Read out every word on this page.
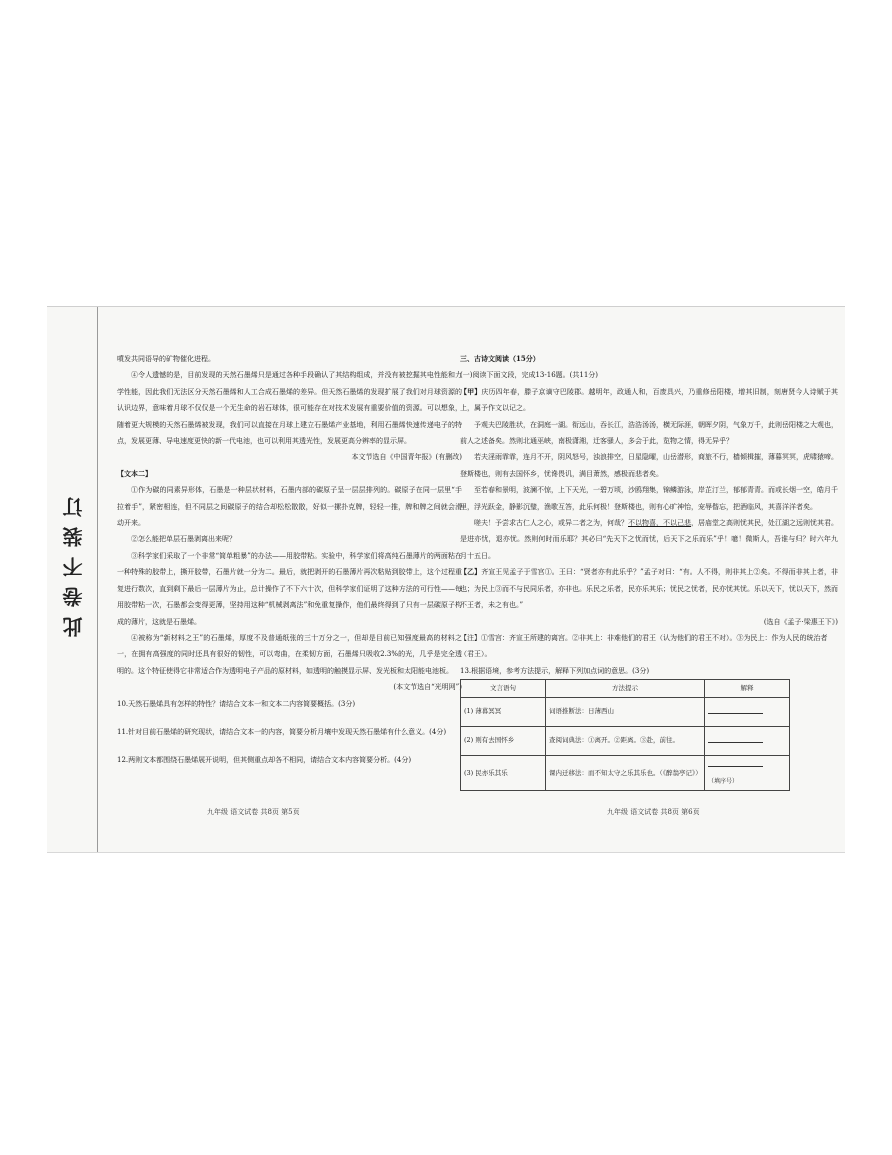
此卷不装订

噴发共同语导的矿物催化进程。

④令人遗憾的是，目前发现的天然石墨烯只是通过各种手段确认了其结构组成，并没有被挖掘其电性能和力学性能，因此我们无法区分天然石墨烯和人工合成石墨烯的差异。但天然石墨烯的发现扩展了我们对月球资源的认识边界，意味着月球不仅仅是一个无生命的岩石球体，很可能存在对技术发展有重要价值的资源。可以想象，随着更大规模的天然石墨烯被发现，我们可以直接在月球上建立石墨烯产业基地，利用石墨烯快速传递电子的特点，发展更薄、导电速度更快的新一代电池，也可以利用其透光性，发展更高分辨率的显示屏。

本文节选自《中国青年报》(有删改)

【文本二】

①作为碳的同素异形体，石墨是一种层状材料，石墨内部的碳原子呈一层层排列的。碳原子在同一层里“手拉着手”，紧密相连，但不同层之间碳原子的结合却松松散散，好似一摞扑克牌，轻轻一推，牌和牌之间就会滑动开来。

②怎么能把单层石墨剥离出来呢？

③科学家们采取了一个非常“简单粗暴”的办法——用胶带粘。实验中，科学家们将高纯石墨薄片的两面粘在一种特殊的胶带上，撕开胶带，石墨片就一分为二。最后，就把剥开的石墨薄片再次粘贴到胶带上，这个过程重复进行数次，直到剩下最后一层薄片为止，总计操作了不下六十次，但科学家们证明了这种方法的可行性——每用胶带粘一次，石墨都会变得更薄，坚持用这种“机械剥离法”和免重复操作，他们最终得到了只有一层碳原子构成的薄片，这就是石墨烯。

④被称为“新材料之王”的石墨烯，厚度不及普通纸张的三十万分之一，但却是目前已知强度最高的材料之一，在拥有高强度的同时还具有很好的韧性，可以弯曲，在柔韧方面，石墨烯只吸收2.3%的光，几乎是完全透明的。这个特征使得它非常适合作为透明电子产品的原材料，如透明的触摸显示屏、发光板和太阳能电池板。

(本文节选自“光明网”)

10.天然石墨烯具有怎样的特性？请结合文本一和文本二内容简要概括。(3分)

11.针对目前石墨烯的研究现状，请结合文本一的内容，简要分析月壤中发现天然石墨烯有什么意义。(4分)

12.两则文本都围绕石墨烯展开说明，但其侧重点却各不相同，请结合文本内容简要分析。(4分)

九年级 语文试卷 共8页 第5页

三、古诗文阅读（15分）

(一)阅读下面文段，完成13-16题。(共11分)

【甲】庆历四年春，滕子京谪守巴陵郡。越明年，政通人和，百废具兴，乃重修岳阳楼，增其旧制，刻唐贤今人诗赋于其上，属予作文以记之。

予观夫巴陵胜状，在洞庭一湖。衔远山，吞长江，浩浩汤汤，横无际涯，朝晖夕阴，气象万千，此则岳阳楼之大观也，前人之述备矣。然则北通巫峡，南极潇湘，迁客骚人，多会于此，览物之情，得无异乎？

若夫淫雨霏霏，连月不开，阴风怒号，浊浪排空，日星隐曜，山岳潜形，商旅不行，樯倾楫摧，薄暮冥冥，虎啸猿啼。登斯楼也，则有去国怀乡，忧谗畏讥，满目萧然，感极而悲者矣。

至若春和景明，波澜不惊，上下天光，一碧万顷，沙鸥翔集，锦鳞游泳，岸芷汀兰，郁郁青青。而或长烟一空，皓月千里，浮光跃金，静影沉璧，渔歌互答，此乐何极！登斯楼也，则有心旷神怡，宠辱偕忘，把酒临风，其喜洋洋者矣。

嗟夫！予尝求古仁人之心，或异二者之为，何哉？不以物喜，不以己悲，居庙堂之高则忧其民，处江湖之远则忧其君。是进亦忧，退亦忧。然则何时而乐耶？其必曰“先天下之忧而忧，后天下之乐而乐”乎！噫！微斯人，吾谁与归？时六年九月十五日。

【乙】齐宣王见孟子于雪宫①。王曰：“贤者亦有此乐乎？”孟子对曰：“有。人不得，则非其上②矣。不得而非其上者，非也；为民上③而不与民同乐者，亦非也。乐民之乐者，民亦乐其乐；忧民之忧者，民亦忧其忧。乐以天下，忧以天下，然而不王者，未之有也。”

(选自《孟子·梁惠王下》)

【注】①雪宫：齐宣王所建的离宫。②非其上：非难他们的君王（认为他们的君王不对）。③为民上：作为人民的统治者（君王）。

13.根据语境，参考方法提示，解释下列加点词的意思。(3分)

文言语句	方法提示	解释
(1) 薄暮冥冥	词语推断法：日薄西山	
(2) 则有去国怀乡	查阅词典法：①离开。②距离。③赴，前往。	
(3) 民亦乐其乐	课内迁移法：而不知太守之乐其乐也。（《醉翁亭记》）	（填序号）
九年级 语文试卷 共8页 第6页
